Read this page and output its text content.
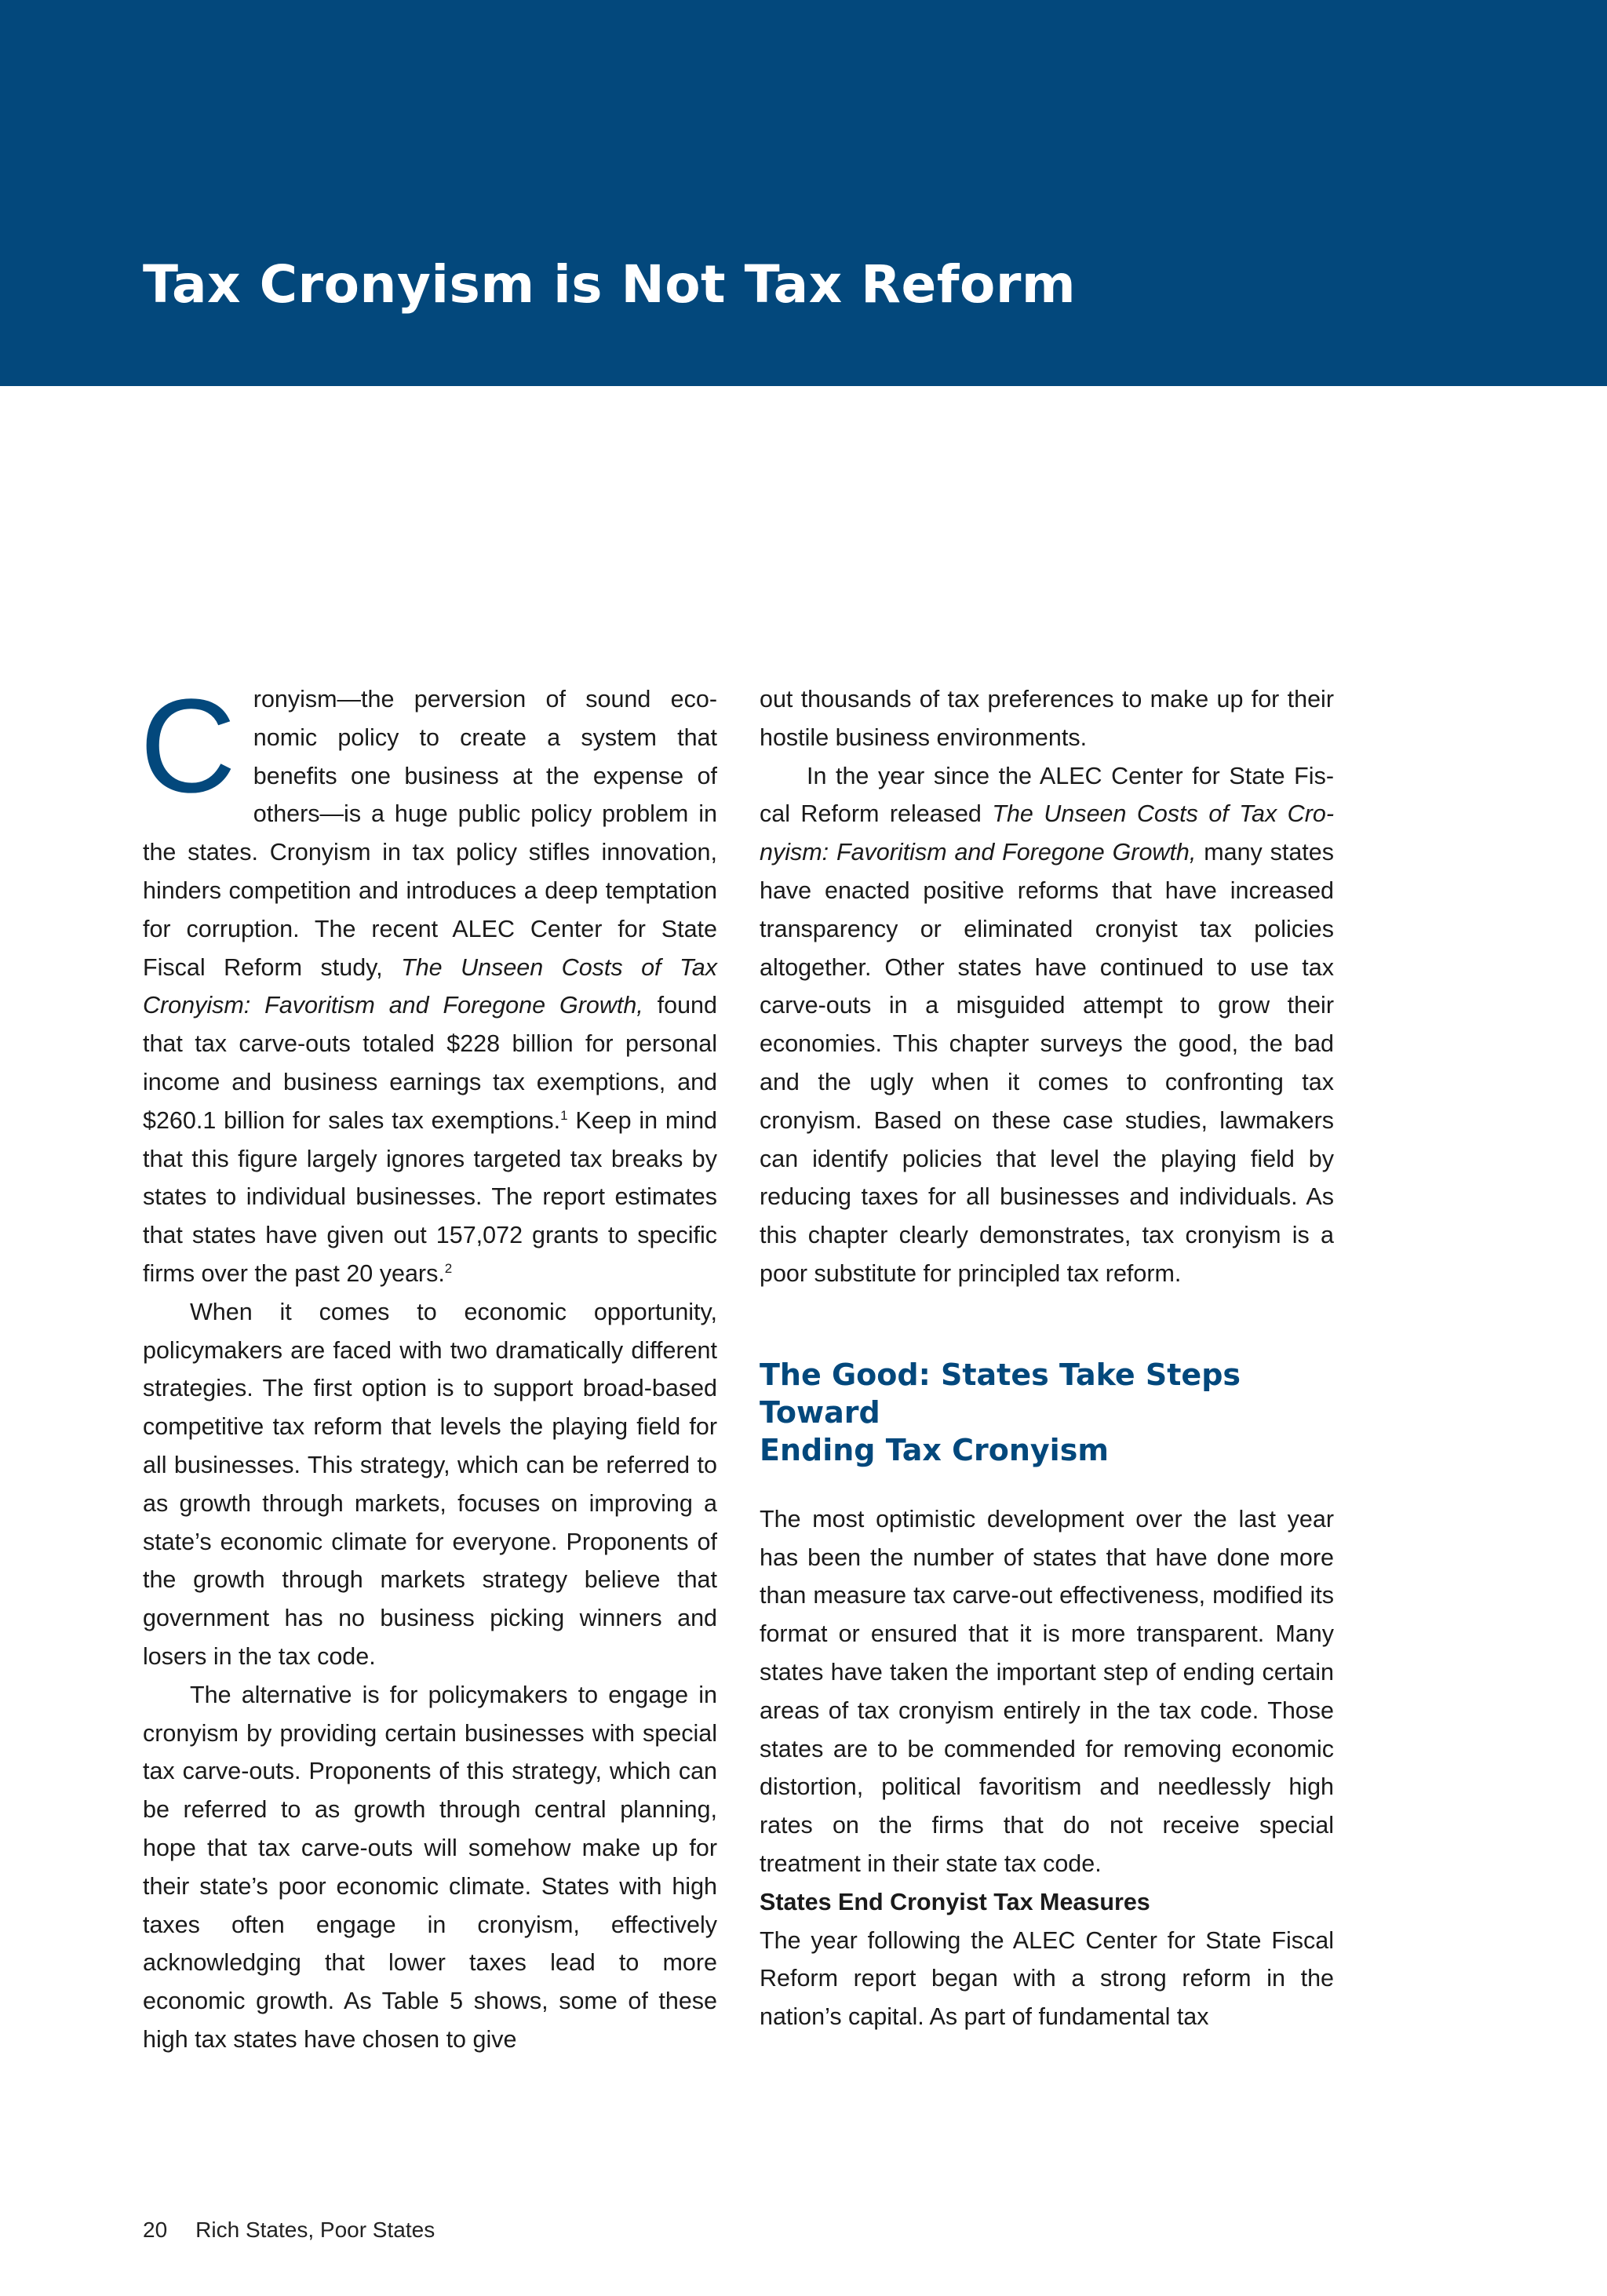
Tax Cronyism is Not Tax Reform

Cronyism—the perversion of sound economic policy to create a system that benefits one business at the expense of others—is a huge public policy problem in the states. Cronyism in tax policy stifles innovation, hinders competition and introduces a deep temptation for corruption. The recent ALEC Center for State Fiscal Reform study, The Unseen Costs of Tax Cronyism: Favoritism and Foregone Growth, found that tax carve-outs totaled $228 billion for personal income and business earnings tax exemptions, and $260.1 billion for sales tax exemptions.$^1$ Keep in mind that this figure largely ignores targeted tax breaks by states to individual businesses. The report estimates that states have given out 157,072 grants to specific firms over the past 20 years.$^2$

When it comes to economic opportunity, policymakers are faced with two dramatically different strategies. The first option is to support broad-based competitive tax reform that levels the playing field for all businesses. This strategy, which can be referred to as growth through markets, focuses on improving a state’s economic climate for everyone. Proponents of the growth through markets strategy believe that government has no business picking winners and losers in the tax code.

The alternative is for policymakers to engage in cronyism by providing certain businesses with special tax carve-outs. Proponents of this strategy, which can be referred to as growth through central planning, hope that tax carve-outs will somehow make up for their state’s poor economic climate. States with high taxes often engage in cronyism, effectively acknowledging that lower taxes lead to more economic growth. As Table 5 shows, some of these high tax states have chosen to give

out thousands of tax preferences to make up for their hostile business environments.

In the year since the ALEC Center for State Fiscal Reform released The Unseen Costs of Tax Cronyism: Favoritism and Foregone Growth, many states have enacted positive reforms that have increased transparency or eliminated cronyist tax policies altogether. Other states have continued to use tax carve-outs in a misguided attempt to grow their economies. This chapter surveys the good, the bad and the ugly when it comes to confronting tax cronyism. Based on these case studies, lawmakers can identify policies that level the playing field by reducing taxes for all businesses and individuals. As this chapter clearly demonstrates, tax cronyism is a poor substitute for principled tax reform.

The Good: States Take Steps Toward
Ending Tax Cronyism

The most optimistic development over the last year has been the number of states that have done more than measure tax carve-out effectiveness, modified its format or ensured that it is more transparent. Many states have taken the important step of ending certain areas of tax cronyism entirely in the tax code. Those states are to be commended for removing economic distortion, political favoritism and needlessly high rates on the firms that do not receive special treatment in their state tax code.

States End Cronyist Tax Measures

The year following the ALEC Center for State Fiscal Reform report began with a strong reform in the nation’s capital. As part of fundamental tax

20 Rich States, Poor States
